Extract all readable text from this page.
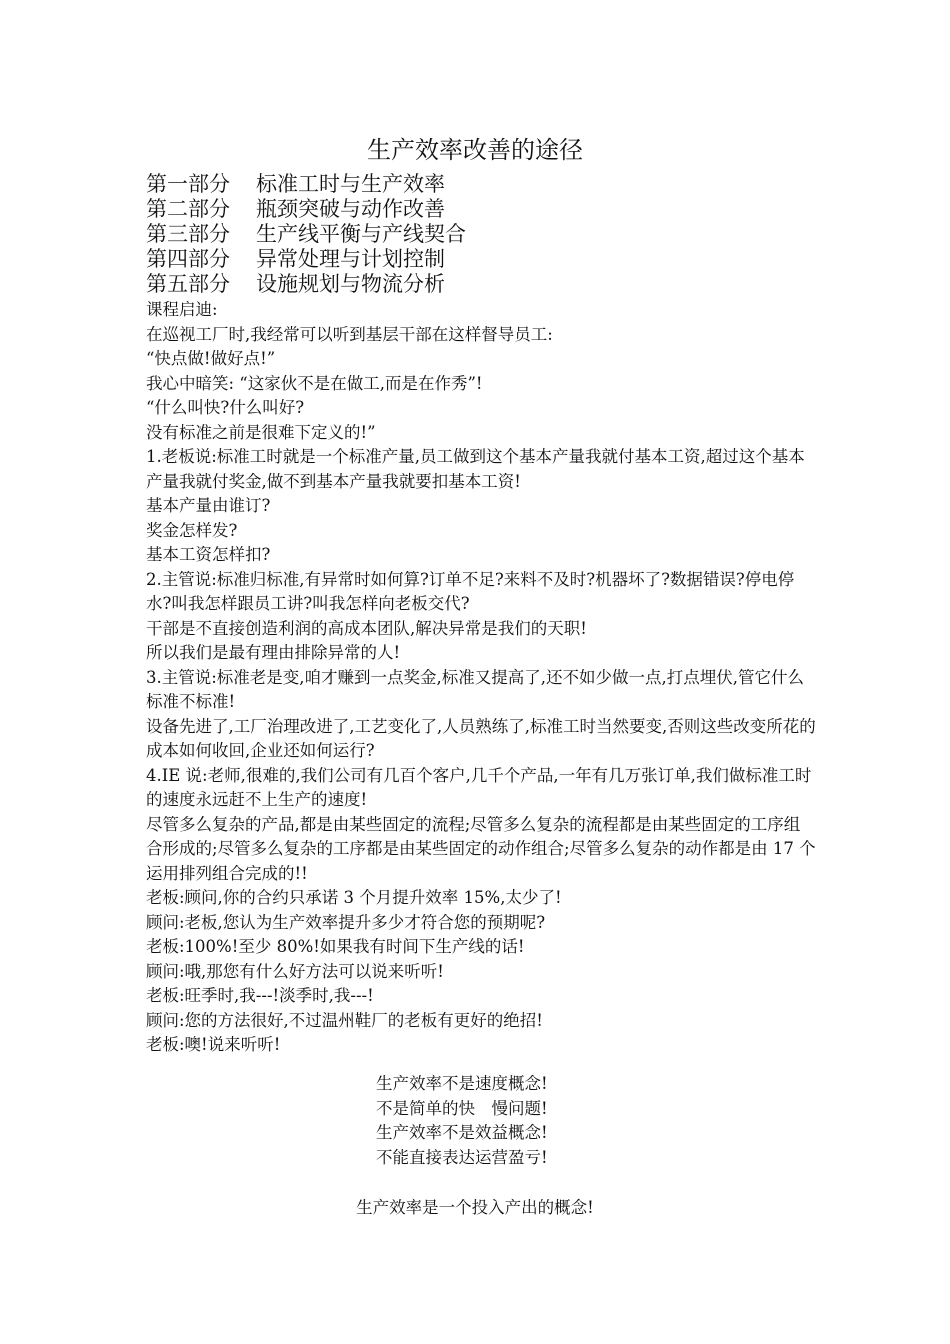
生产效率改善的途径
第一部分 标准工时与生产效率
第二部分 瓶颈突破与动作改善
第三部分 生产线平衡与产线契合
第四部分 异常处理与计划控制
第五部分 设施规划与物流分析

课程启迪:

在巡视工厂时,我经常可以听到基层干部在这样督导员工:

“快点做!做好点!”

我心中暗笑: “这家伙不是在做工,而是在作秀”!

“什么叫快?什么叫好?

没有标准之前是很难下定义的!”

1.老板说:标准工时就是一个标准产量,员工做到这个基本产量我就付基本工资,超过这个基本产量我就付奖金,做不到基本产量我就要扣基本工资!

基本产量由谁订?

奖金怎样发?

基本工资怎样扣?

2.主管说:标准归标准,有异常时如何算?订单不足?来料不及时?机器坏了?数据错误?停电停水?叫我怎样跟员工讲?叫我怎样向老板交代?

干部是不直接创造利润的高成本团队,解决异常是我们的天职!

所以我们是最有理由排除异常的人!

3.主管说:标准老是变,咱才赚到一点奖金,标准又提高了,还不如少做一点,打点埋伏,管它什么标准不标准!

设备先进了,工厂治理改进了,工艺变化了,人员熟练了,标准工时当然要变,否则这些改变所花的成本如何收回,企业还如何运行?

4.IE 说:老师,很难的,我们公司有几百个客户,几千个产品,一年有几万张订单,我们做标准工时的速度永远赶不上生产的速度!

尽管多么复杂的产品,都是由某些固定的流程;尽管多么复杂的流程都是由某些固定的工序组合形成的;尽管多么复杂的工序都是由某些固定的动作组合;尽管多么复杂的动作都是由 17 个运用排列组合完成的!!

老板:顾问,你的合约只承诺 3 个月提升效率 15%,太少了!

顾问:老板,您认为生产效率提升多少才符合您的预期呢?

老板:100%!至少 80%!如果我有时间下生产线的话!

顾问:哦,那您有什么好方法可以说来听听!

老板:旺季时,我---!淡季时,我---!

顾问:您的方法很好,不过温州鞋厂的老板有更好的绝招!

老板:噢!说来听听!

生产效率不是速度概念!

不是简单的快　慢问题!

生产效率不是效益概念!

不能直接表达运营盈亏!

生产效率是一个投入产出的概念!
